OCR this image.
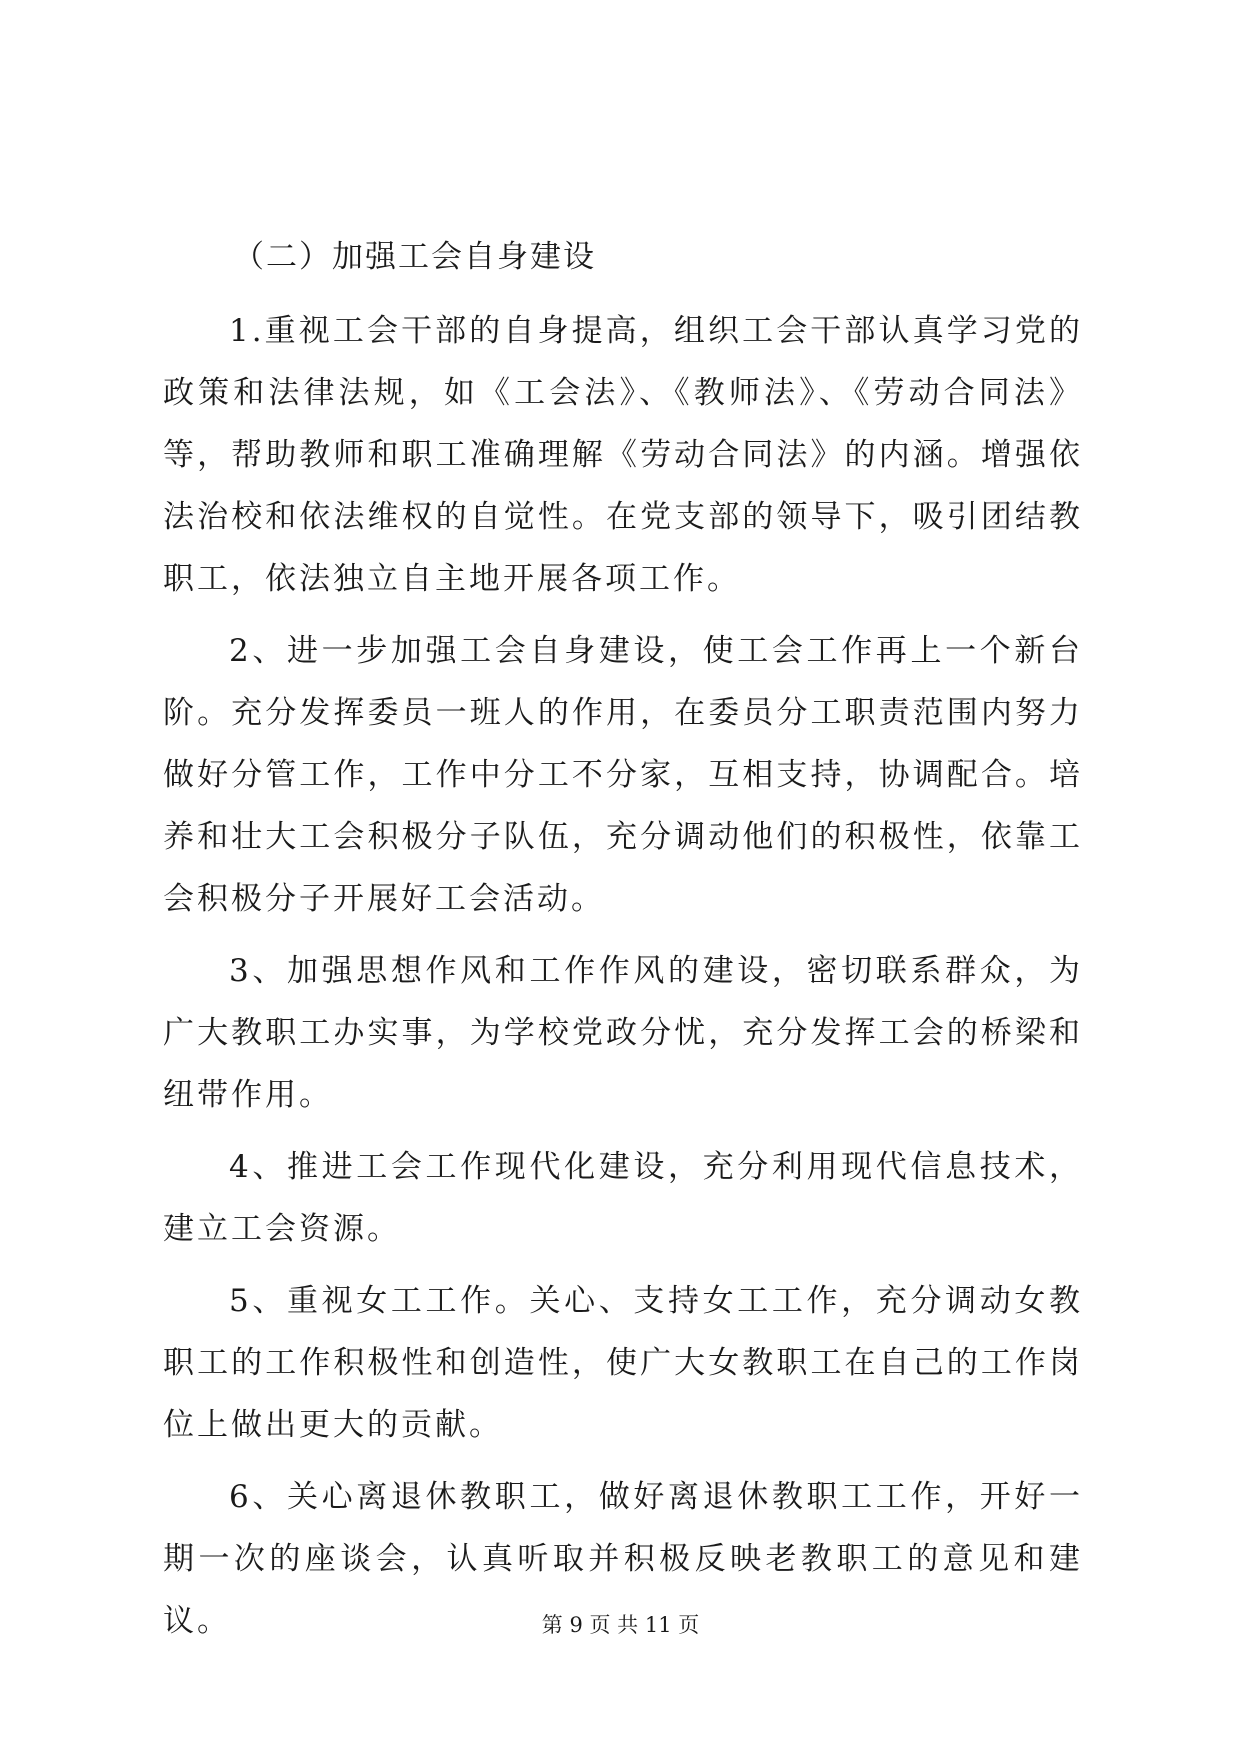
（二）加强工会自身建设

1.重视工会干部的自身提高，组织工会干部认真学习党的政策和法律法规，如《工会法》、《教师法》、《劳动合同法》等，帮助教师和职工准确理解《劳动合同法》的内涵。增强依法治校和依法维权的自觉性。在党支部的领导下，吸引团结教职工，依法独立自主地开展各项工作。

2、进一步加强工会自身建设，使工会工作再上一个新台阶。充分发挥委员一班人的作用，在委员分工职责范围内努力做好分管工作，工作中分工不分家，互相支持，协调配合。培养和壮大工会积极分子队伍，充分调动他们的积极性，依靠工会积极分子开展好工会活动。

3、加强思想作风和工作作风的建设，密切联系群众，为广大教职工办实事，为学校党政分忧，充分发挥工会的桥梁和纽带作用。

4、推进工会工作现代化建设，充分利用现代信息技术，建立工会资源。

5、重视女工工作。关心、支持女工工作，充分调动女教职工的工作积极性和创造性，使广大女教职工在自己的工作岗位上做出更大的贡献。

6、关心离退休教职工，做好离退休教职工工作，开好一期一次的座谈会，认真听取并积极反映老教职工的意见和建议。	第 9 页 共 11 页
